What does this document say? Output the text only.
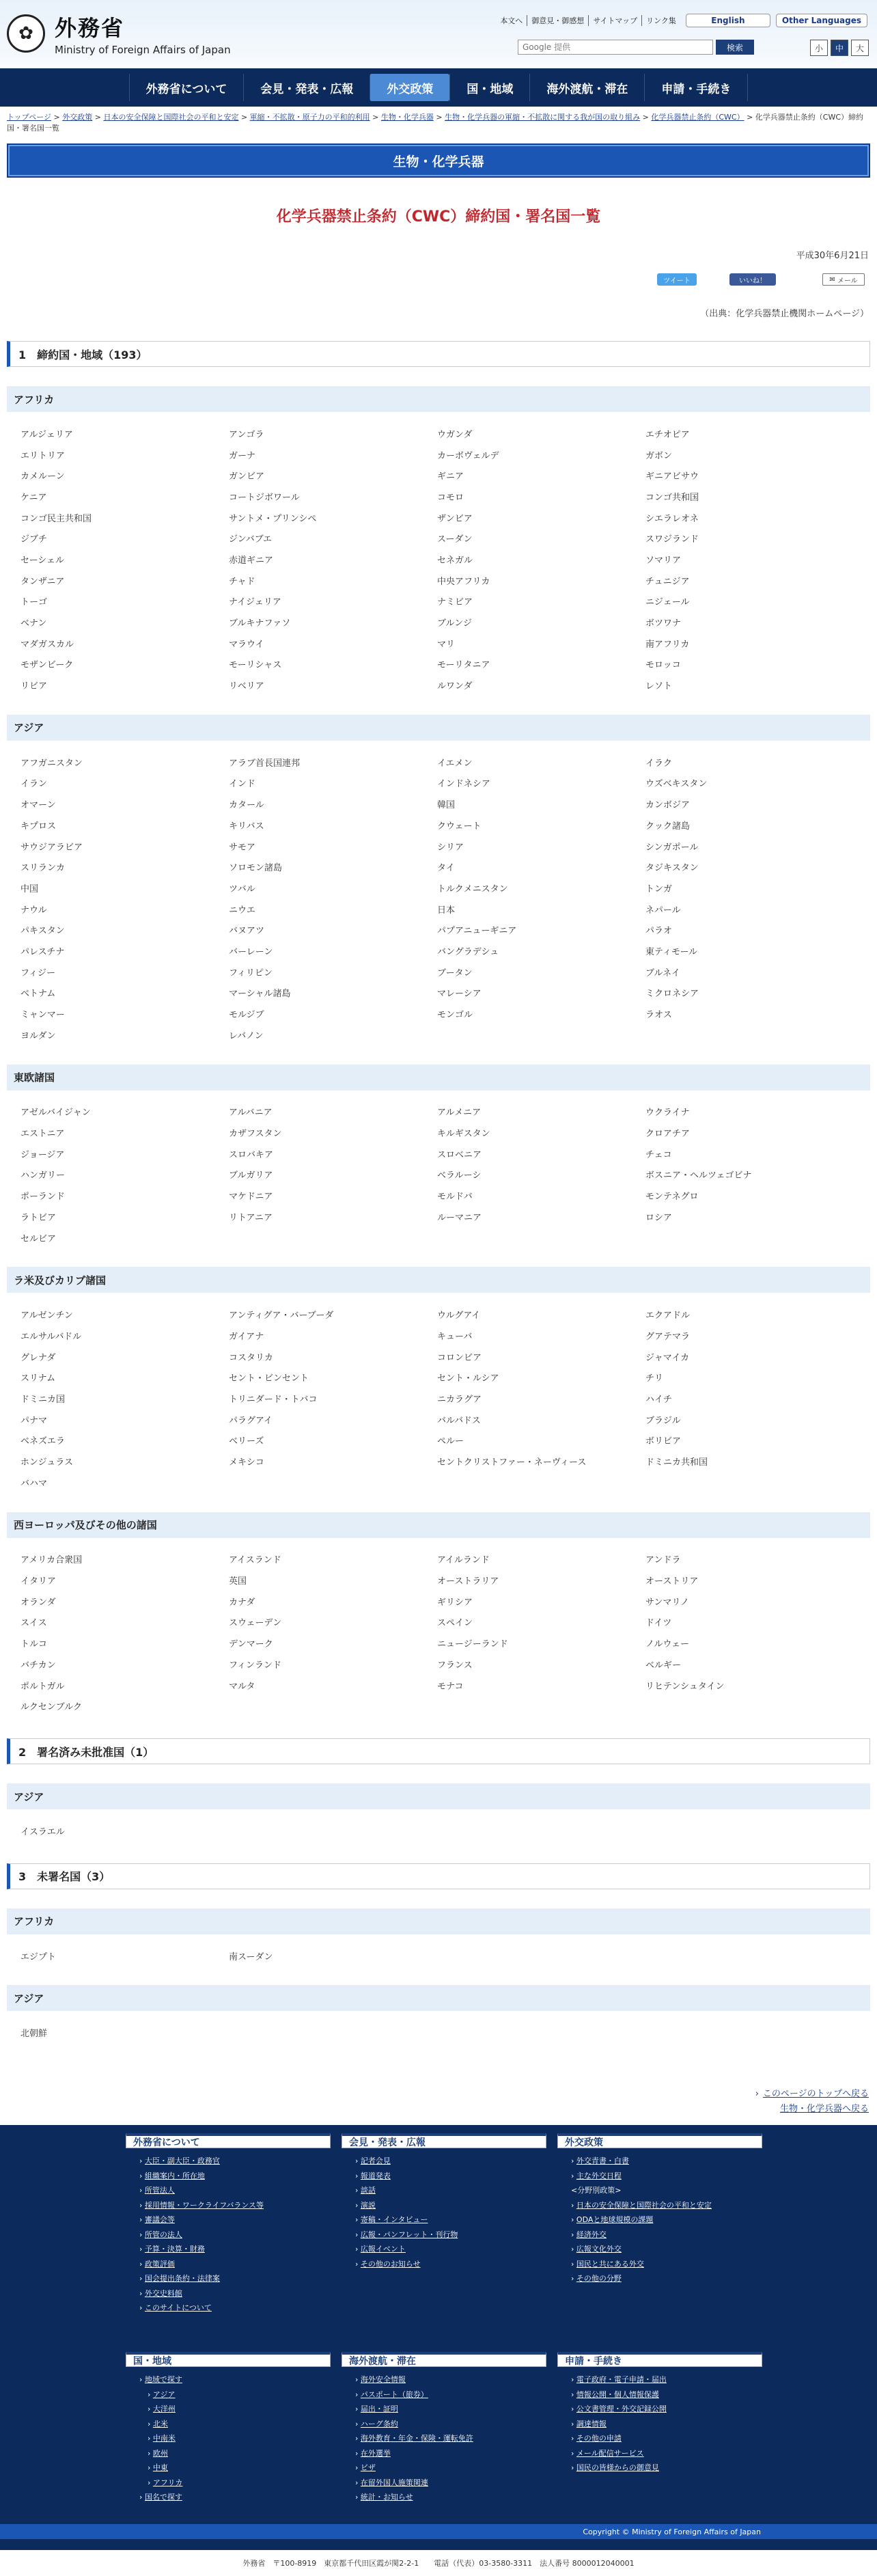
✿ 外務省
Ministry of Foreign Affairs of Japan
本文へ	御意見・御感想	サイトマップ	リンク集	English	Other Languages
Google 提供
検索	小	中	大
外務省について	会見・発表・広報	外交政策	国・地域	海外渡航・滞在	申請・手続き
トップページ > 外交政策 > 日本の安全保障と国際社会の平和と安定 > 軍縮・不拡散・原子力の平和的利用 > 生物・化学兵器 > 生物・化学兵器の軍縮・不拡散に関する我が国の取り組み > 化学兵器禁止条約（CWC） > 化学兵器禁止条約（CWC）締約国・署名国一覧
生物・化学兵器
化学兵器禁止条約（CWC）締約国・署名国一覧
平成30年6月21日
ツイート	いいね！	✉ メール
（出典：化学兵器禁止機関ホームページ）
1　締約国・地域（193）
アフリカ
アルジェリア	アンゴラ	ウガンダ	エチオピア
エリトリア	ガーナ	カーボヴェルデ	ガボン
カメルーン	ガンビア	ギニア	ギニアビサウ
ケニア	コートジボワール	コモロ	コンゴ共和国
コンゴ民主共和国	サントメ・プリンシペ	ザンビア	シエラレオネ
ジブチ	ジンバブエ	スーダン	スワジランド
セーシェル	赤道ギニア	セネガル	ソマリア
タンザニア	チャド	中央アフリカ	チュニジア
トーゴ	ナイジェリア	ナミビア	ニジェール
ベナン	ブルキナファソ	ブルンジ	ボツワナ
マダガスカル	マラウイ	マリ	南アフリカ
モザンビーク	モーリシャス	モーリタニア	モロッコ
リビア	リベリア	ルワンダ	レソト
アジア
アフガニスタン	アラブ首長国連邦	イエメン	イラク
イラン	インド	インドネシア	ウズベキスタン
オマーン	カタール	韓国	カンボジア
キプロス	キリバス	クウェート	クック諸島
サウジアラビア	サモア	シリア	シンガポール
スリランカ	ソロモン諸島	タイ	タジキスタン
中国	ツバル	トルクメニスタン	トンガ
ナウル	ニウエ	日本	ネパール
パキスタン	バヌアツ	パプアニューギニア	パラオ
パレスチナ	バーレーン	バングラデシュ	東ティモール
フィジー	フィリピン	ブータン	ブルネイ
ベトナム	マーシャル諸島	マレーシア	ミクロネシア
ミャンマー	モルジブ	モンゴル	ラオス
ヨルダン	レバノン
東欧諸国
アゼルバイジャン	アルバニア	アルメニア	ウクライナ
エストニア	カザフスタン	キルギスタン	クロアチア
ジョージア	スロバキア	スロベニア	チェコ
ハンガリー	ブルガリア	ベラルーシ	ボスニア・ヘルツェゴビナ
ポーランド	マケドニア	モルドバ	モンテネグロ
ラトビア	リトアニア	ルーマニア	ロシア
セルビア
ラ米及びカリブ諸国
アルゼンチン	アンティグア・バーブーダ	ウルグアイ	エクアドル
エルサルバドル	ガイアナ	キューバ	グアテマラ
グレナダ	コスタリカ	コロンビア	ジャマイカ
スリナム	セント・ビンセント	セント・ルシア	チリ
ドミニカ国	トリニダード・トバコ	ニカラグア	ハイチ
パナマ	パラグアイ	バルバドス	ブラジル
ベネズエラ	ベリーズ	ペルー	ボリビア
ホンジュラス	メキシコ	セントクリストファー・ネーヴィース	ドミニカ共和国
バハマ
西ヨーロッパ及びその他の諸国
アメリカ合衆国	アイスランド	アイルランド	アンドラ
イタリア	英国	オーストラリア	オーストリア
オランダ	カナダ	ギリシア	サンマリノ
スイス	スウェーデン	スペイン	ドイツ
トルコ	デンマーク	ニュージーランド	ノルウェー
バチカン	フィンランド	フランス	ベルギー
ポルトガル	マルタ	モナコ	リヒテンシュタイン
ルクセンブルク
2　署名済み未批准国（1）
アジア
イスラエル
3　未署名国（3）
アフリカ
エジプト	南スーダン
アジア
北朝鮮
› このページのトップへ戻る
生物・化学兵器へ戻る
外務省について
› 大臣・副大臣・政務官
› 組織案内・所在地
› 所管法人
› 採用情報・ワークライフバランス等
› 審議会等
› 所管の法人
› 予算・決算・財務
› 政策評価
› 国会提出条約・法律案
› 外交史料館
› このサイトについて
会見・発表・広報
› 記者会見
› 報道発表
› 談話
› 演説
› 寄稿・インタビュー
› 広報・パンフレット・刊行物
› 広報イベント
› その他のお知らせ
外交政策
› 外交青書・白書
› 主な外交日程
<分野別政策>
› 日本の安全保障と国際社会の平和と安定
› ODAと地球規模の課題
› 経済外交
› 広報文化外交
› 国民と共にある外交
› その他の分野
国・地域
› 地域で探す
› アジア
› 大洋州
› 北米
› 中南米
› 欧州
› 中東
› アフリカ
› 国名で探す
海外渡航・滞在
› 海外安全情報
› パスポート（旅券）
› 届出・証明
› ハーグ条約
› 海外教育・年金・保険・運転免許
› 在外選挙
› ビザ
› 在留外国人施策関連
› 統計・お知らせ
申請・手続き
› 電子政府・電子申請・届出
› 情報公開・個人情報保護
› 公文書管理・外交記録公開
› 調達情報
› その他の申請
› メール配信サービス
› 国民の皆様からの御意見
Copyright © Ministry of Foreign Affairs of Japan
外務省　〒100-8919　東京都千代田区霞が関2-2-1　　電話（代表）03-3580-3311　法人番号 8000012040001
